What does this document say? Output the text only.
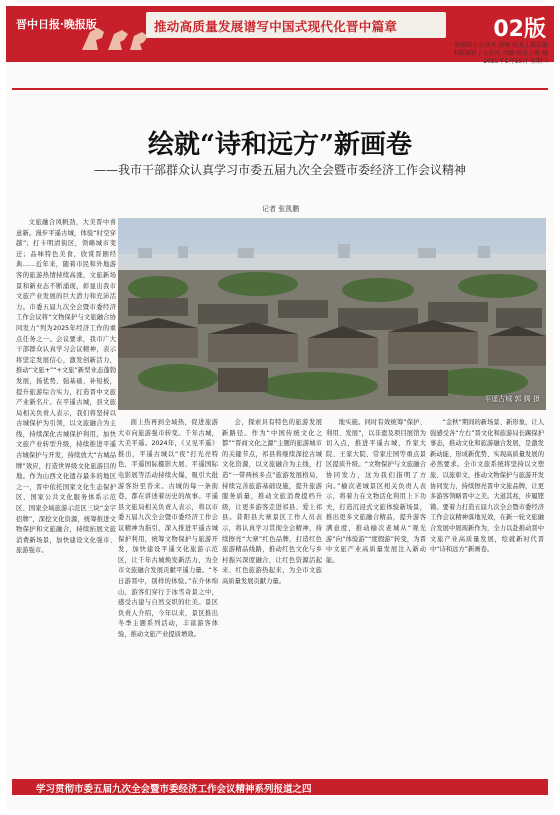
晋中日报·晚报版	推动高质量发展谱写中国式现代化晋中篇章	02版
一版编辑 / 史景凤 责编 校对 / 郝志霞
本版编辑 / 史景凤 责编 校对 / 郝 婕
2025年1月15日 星期三
绘就“诗和远方”新画卷
——我市干部群众认真学习市委五届九次全会暨市委经济工作会议精神
记者 张凯鹏

文旅融合风帆劲，大美晋中喜意新。漫步平遥古城，体验“时空穿越”；打卡明清街区，领略城市变迁；品味特色美食，欣赏晋剧经典……近年来，随着市民和外地游客的旅游热情持续高涨，文旅新场景和新业态不断涌现，彰显出我市文旅产业发展的巨大潜力和充沛活力。市委五届九次全会暨市委经济工作会议将“文物保护与文旅融合协同发力”列为2025年经济工作的重点任务之一。会议要求，我市广大干部群众认真学习会议精神，表示将坚定发展信心，激发创新活力，推动“文旅+”“+文旅”新型业态蓬勃发展，扬优势、强基础、补短板，提升旅游综合实力，打造晋中文旅产业新名片。在平遥古城，县文旅局相关负责人表示，我们将坚持以古城保护为引领，以文旅融合为主线，持续深化古城保护利用，加快文旅产业转型升级，持续推进平遥古城保护与开发，持续放大“古城品牌”效应，打造世界级文化旅游目的地。作为山西文化遗存最多的地区之一，晋中依托国家文化生态保护区、国家公共文化服务体系示范区、国家全域旅游示范区三块“金字招牌”，深挖文化资源，统筹推进文物保护和文旅融合，持续拓展文旅消费新场景，加快建设文化强市、旅游强市。

平遥古城 郭 腾 摄

面上热再到全域热，促进旅游大市向旅游强市转变。千年古城，大美平遥。2024年，《又见平遥》推出，平遥古城以“夜”打光亮特色，平遥国际摄影大展、平遥国际电影展等活动持续火爆，吸引大批游客纷至沓来。古城的每一条街巷，都在讲述着历史的故事。平遥县文旅局相关负责人表示，将以市委五届九次全会暨市委经济工作会议精神为指引，深入推进平遥古城保护利用，统筹文物保护与旅游开发，加快建设平遥文化旅游示范区，让千年古城焕发新活力，为全市文旅融合发展贡献平遥力量。“冬日游晋中，别样的体验。”在介休绵山，游客们穿行于冰雪奇景之中，感受古建与自然交织的壮美。景区负责人介绍，今年以来，景区推出冬季主题系列活动，丰富游客体验，推动文旅产业提质增效。

会，探索具有特色的旅游发展新路径。作为“中国传统文化之都”“晋商文化之源”主题的旅游城市的关键节点，祁县将继续深挖古城文化资源，以文旅融合为主线，打造“一带两核多点”旅游发展格局，持续完善旅游基础设施，提升旅游服务质量，推动文旅消费提档升级，让更多游客走进祁县、爱上祁县。昔阳县大寨景区工作人员表示，将认真学习贯彻全会精神，持续擦亮“大寨”红色品牌，打造红色旅游精品线路，推动红色文化与乡村振兴深度融合，让红色资源活起来、红色旅游热起来，为全市文旅高质量发展贡献力量。

地实施。同时有效统筹“保护、利用、发展”，以非遗及项目展馆为切入点，推进平遥古城、乔家大院、王家大院、常家庄园等重点景区提质升级。“文物保护与文旅融合协同发力，这为我们指明了方向。”榆次老城景区相关负责人表示，将着力在文物活化利用上下功夫，打造沉浸式文旅体验新场景，推出更多文旅融合精品，提升游客满意度，推动榆次老城从“观光游”向“体验游”“度假游”转变，为晋中文旅产业高质量发展注入新动能。

“金秋”期间的新场景、新形象，让人强感受各“左右”晋文化和旅游局长踢保护事态，推动文化和旅游融合发展，是激发新动能、形成新优势、实现高质量发展的必然要求。全市文旅系统将坚持以文塑旅、以旅彰文，推动文物保护与旅游开发协同发力，持续擦亮晋中文旅品牌，让更多游客领略晋中之美。大道其兆，步履铿锵。要着力打造五届九次全会暨市委经济工作会议精神落地见效，在新一轮文旅融合发展中展现新作为，全力以赴推动晋中文旅产业高质量发展，绘就新时代晋中“诗和远方”新画卷。

学习贯彻市委五届九次全会暨市委经济工作会议精神系列报道之四
